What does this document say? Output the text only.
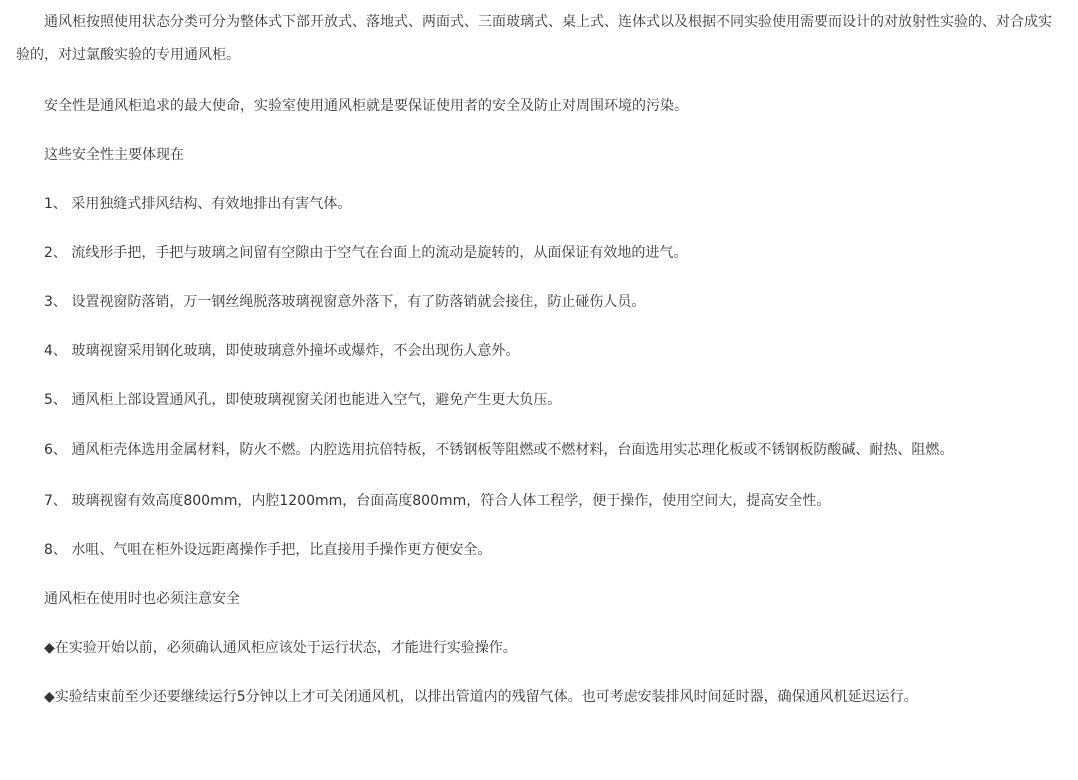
通风柜按照使用状态分类可分为整体式下部开放式、落地式、两面式、三面玻璃式、桌上式、连体式以及根据不同实验使用需要而设计的对放射性实验的、对合成实验的，对过氯酸实验的专用通风柜。

安全性是通风柜追求的最大使命，实验室使用通风柜就是要保证使用者的安全及防止对周围环境的污染。

这些安全性主要体现在

1、 采用独缝式排风结构、有效地排出有害气体。

2、 流线形手把，手把与玻璃之间留有空隙由于空气在台面上的流动是旋转的，从面保证有效地的进气。

3、 设置视窗防落销，万一钢丝绳脱落玻璃视窗意外落下，有了防落销就会接住，防止碰伤人员。

4、 玻璃视窗采用钢化玻璃，即使玻璃意外撞坏或爆炸，不会出现伤人意外。

5、 通风柜上部设置通风孔，即使玻璃视窗关闭也能进入空气，避免产生更大负压。

6、 通风柜壳体选用金属材料，防火不燃。内腔选用抗倍特板，不锈钢板等阻燃或不燃材料，台面选用实芯理化板或不锈钢板防酸碱、耐热、阻燃。

7、 玻璃视窗有效高度800mm，内腔1200mm，台面高度800mm，符合人体工程学，便于操作，使用空间大，提高安全性。

8、 水咀、气咀在柜外设远距离操作手把，比直接用手操作更方便安全。

通风柜在使用时也必须注意安全

◆在实验开始以前，必须确认通风柜应该处于运行状态，才能进行实验操作。

◆实验结束前至少还要继续运行5分钟以上才可关闭通风机，以排出管道内的残留气体。也可考虑安装排风时间延时器，确保通风机延迟运行。
